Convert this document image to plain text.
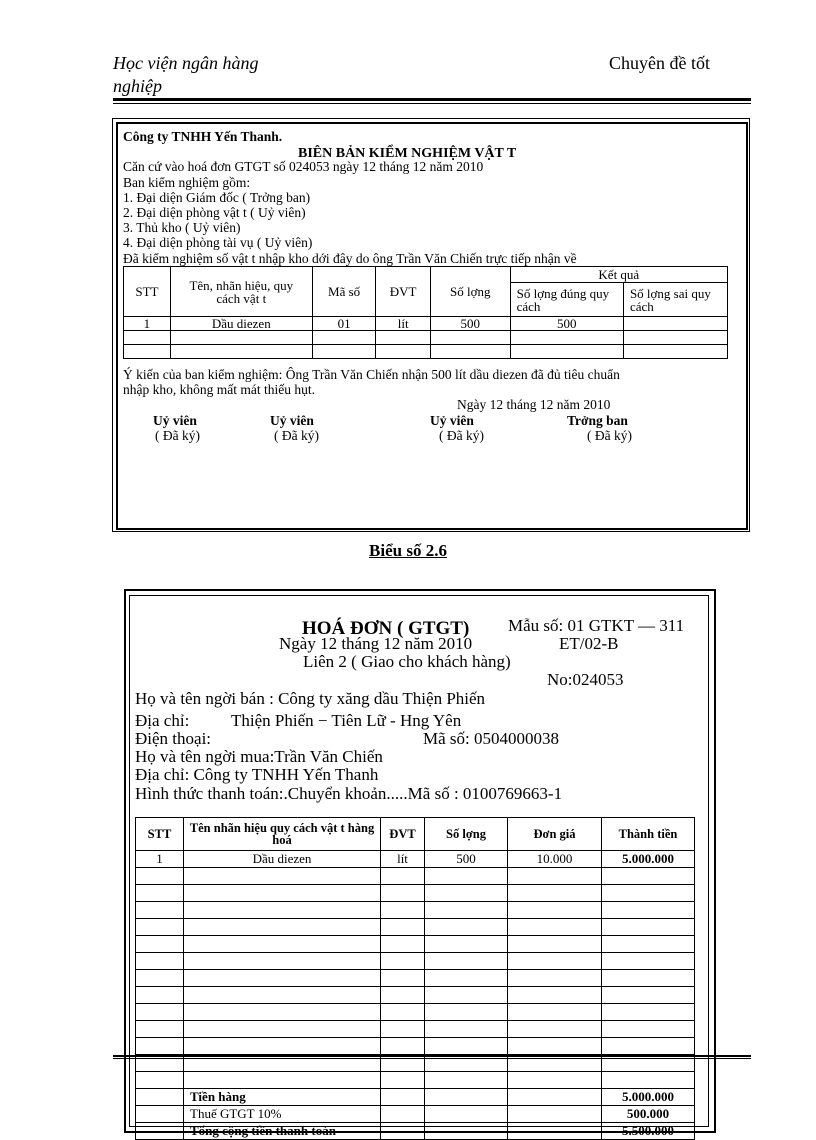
Học viện ngân hàng
nghiệp
Chuyên đề tốt
Công ty TNHH Yến Thanh.
BIÊN BẢN KIỂM NGHIỆM VẬT T
Căn cứ vào hoá đơn GTGT số 024053 ngày 12 tháng 12 năm 2010
Ban kiểm nghiệm gồm:
1. Đại diện Giám đốc ( Trởng ban)
2. Đại diện phòng vật t ( Uỷ viên)
3. Thủ kho ( Uỷ viên)
4. Đại diện phòng tài vụ ( Uỷ viên)
Đã kiểm nghiệm số vật t nhập kho dới đây do ông Trần Văn Chiến trực tiếp nhận về
STT	Tên, nhãn hiệu, quy cách vật t	Mã số	ĐVT	Số lợng	Kết quả	
					Số lợng đúng quy cách	Số lợng sai quy cách
1	Dầu diezen	01	lít	500	500	

Ý kiến của ban kiểm nghiệm: Ông Trần Văn Chiến nhận 500 lít dầu diezen đã đủ tiêu chuẩn
nhập kho, không mất mát thiếu hụt.
Ngày 12 tháng 12 năm 2010
Uỷ viên
( Đã ký)
Uỷ viên
( Đã ký)
Uỷ viên
( Đã ký)
Trởng ban
( Đã ký)
Biểu số 2.6
HOÁ ĐƠN ( GTGT) Mẫu số: 01 GTKT — 311
Ngày 12 tháng 12 năm 2010	ET/02-B
Liên 2 ( Giao cho khách hàng)
No:024053
Họ và tên ngời bán : Công ty xăng dầu Thiện Phiến
Địa chỉ: Thiện Phiến − Tiên Lữ - Hng Yên
Điện thoại:	Mã số: 0504000038
Họ và tên ngời mua:Trần Văn Chiến
Địa chỉ: Công ty TNHH Yến Thanh
Hình thức thanh toán:.Chuyển khoản.....Mã số : 0100769663-1
STT	Tên nhãn hiệu quy cách vật t hàng hoá	ĐVT	Số lợng	Đơn giá	Thành tiền
1	Dầu diezen	lít	500	10.000	5.000.000

	Tiền hàng				5.000.000
	Thuế GTGT 10%				500.000
	Tổng cộng tiền thanh toán				5.500.000
